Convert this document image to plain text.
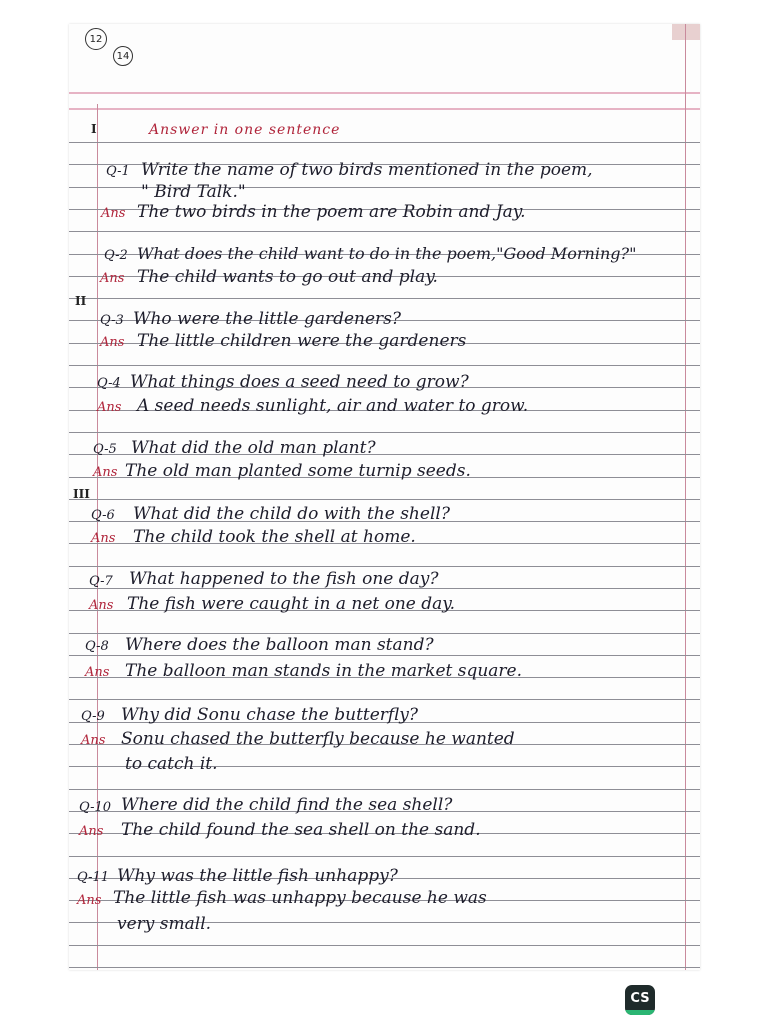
12
14
I	Answer in one sentence
II
III
Q-1 Write the name of two birds mentioned in the poem,
" Bird Talk."
Ans The two birds in the poem are Robin and Jay.
Q-2 What does the child want to do in the poem,"Good Morning?"
Ans The child wants to go out and play.
Q-3 Who were the little gardeners?
Ans The little children were the gardeners
Q-4 What things does a seed need to grow?
Ans A seed needs sunlight, air and water to grow.
Q-5 What did the old man plant?
Ans The old man planted some turnip seeds.
Q-6 What did the child do with the shell?
Ans The child took the shell at home.
Q-7 What happened to the fish one day?
Ans The fish were caught in a net one day.
Q-8 Where does the balloon man stand?
Ans The balloon man stands in the market square.
Q-9 Why did Sonu chase the butterfly?
Ans Sonu chased the butterfly because he wanted
to catch it.
Q-10 Where did the child find the sea shell?
Ans The child found the sea shell on the sand.
Q-11 Why was the little fish unhappy?
Ans The little fish was unhappy because he was
very small.
CS
